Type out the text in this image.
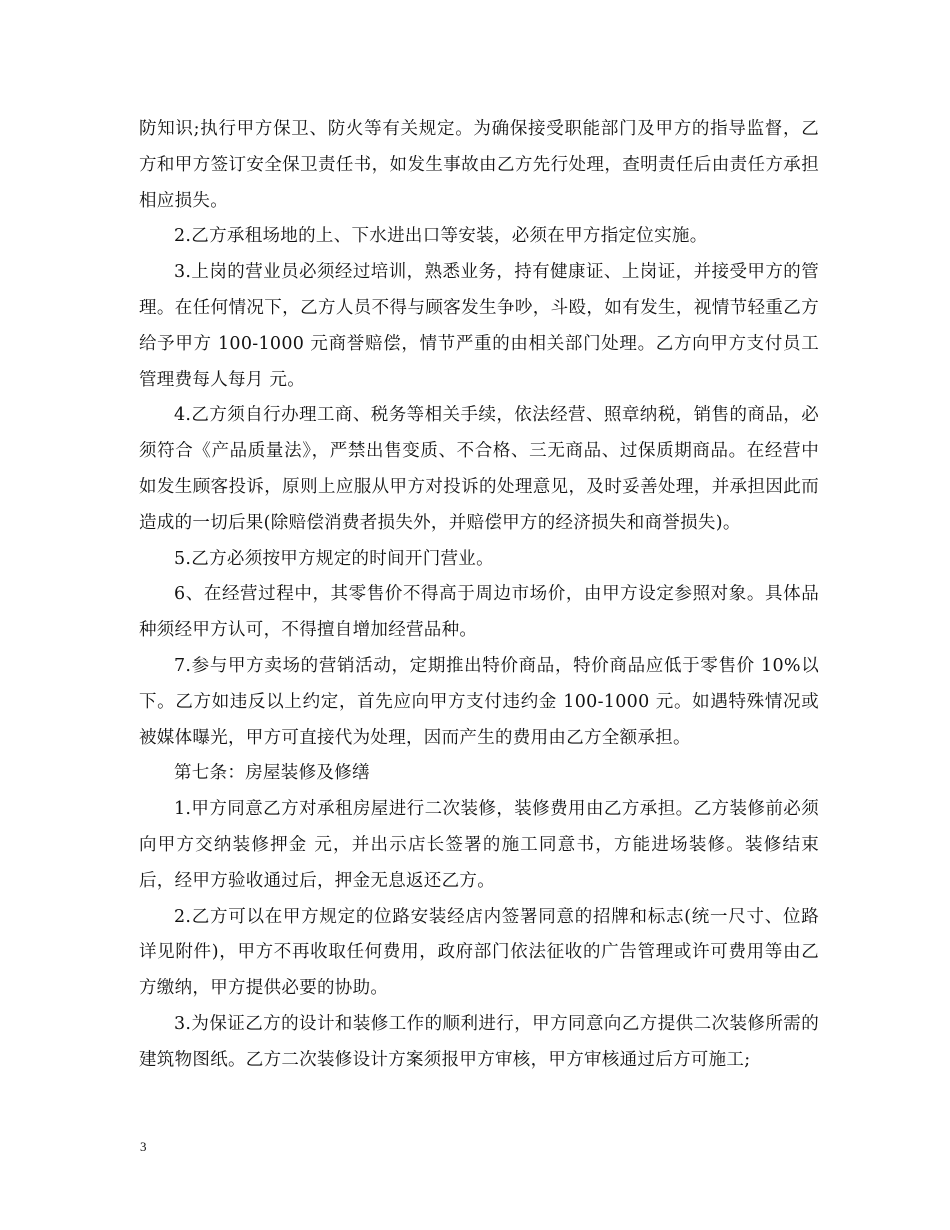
防知识;执行甲方保卫、防火等有关规定。为确保接受职能部门及甲方的指导监督，乙方和甲方签订安全保卫责任书，如发生事故由乙方先行处理，查明责任后由责任方承担相应损失。

2.乙方承租场地的上、下水进出口等安装，必须在甲方指定位实施。

3.上岗的营业员必须经过培训，熟悉业务，持有健康证、上岗证，并接受甲方的管理。在任何情况下，乙方人员不得与顾客发生争吵，斗殴，如有发生，视情节轻重乙方给予甲方 100-1000 元商誉赔偿，情节严重的由相关部门处理。乙方向甲方支付员工管理费每人每月 元。

4.乙方须自行办理工商、税务等相关手续，依法经营、照章纳税，销售的商品，必须符合《产品质量法》，严禁出售变质、不合格、三无商品、过保质期商品。在经营中如发生顾客投诉，原则上应服从甲方对投诉的处理意见，及时妥善处理，并承担因此而造成的一切后果(除赔偿消费者损失外，并赔偿甲方的经济损失和商誉损失)。

5.乙方必须按甲方规定的时间开门营业。

6、在经营过程中，其零售价不得高于周边市场价，由甲方设定参照对象。具体品种须经甲方认可，不得擅自增加经营品种。

7.参与甲方卖场的营销活动，定期推出特价商品，特价商品应低于零售价 10%以下。乙方如违反以上约定，首先应向甲方支付违约金 100-1000 元。如遇特殊情况或被媒体曝光，甲方可直接代为处理，因而产生的费用由乙方全额承担。

第七条：房屋装修及修缮

1.甲方同意乙方对承租房屋进行二次装修，装修费用由乙方承担。乙方装修前必须向甲方交纳装修押金 元，并出示店长签署的施工同意书，方能进场装修。装修结束后，经甲方验收通过后，押金无息返还乙方。

2.乙方可以在甲方规定的位路安装经店内签署同意的招牌和标志(统一尺寸、位路详见附件)，甲方不再收取任何费用，政府部门依法征收的广告管理或许可费用等由乙方缴纳，甲方提供必要的协助。

3.为保证乙方的设计和装修工作的顺利进行，甲方同意向乙方提供二次装修所需的建筑物图纸。乙方二次装修设计方案须报甲方审核，甲方审核通过后方可施工;

3
